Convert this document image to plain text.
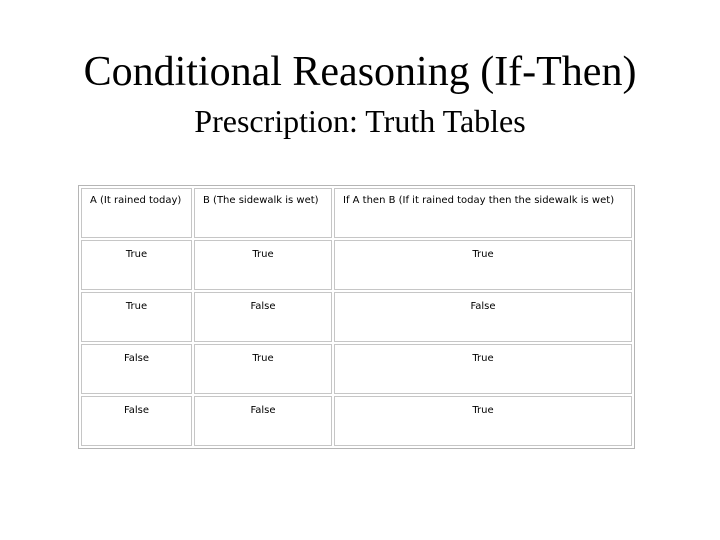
Conditional Reasoning (If-Then)
Prescription: Truth Tables
A (It rained today)	B (The sidewalk is wet)	If A then B (If it rained today then the sidewalk is wet)
True	True	True
True	False	False
False	True	True
False	False	True
